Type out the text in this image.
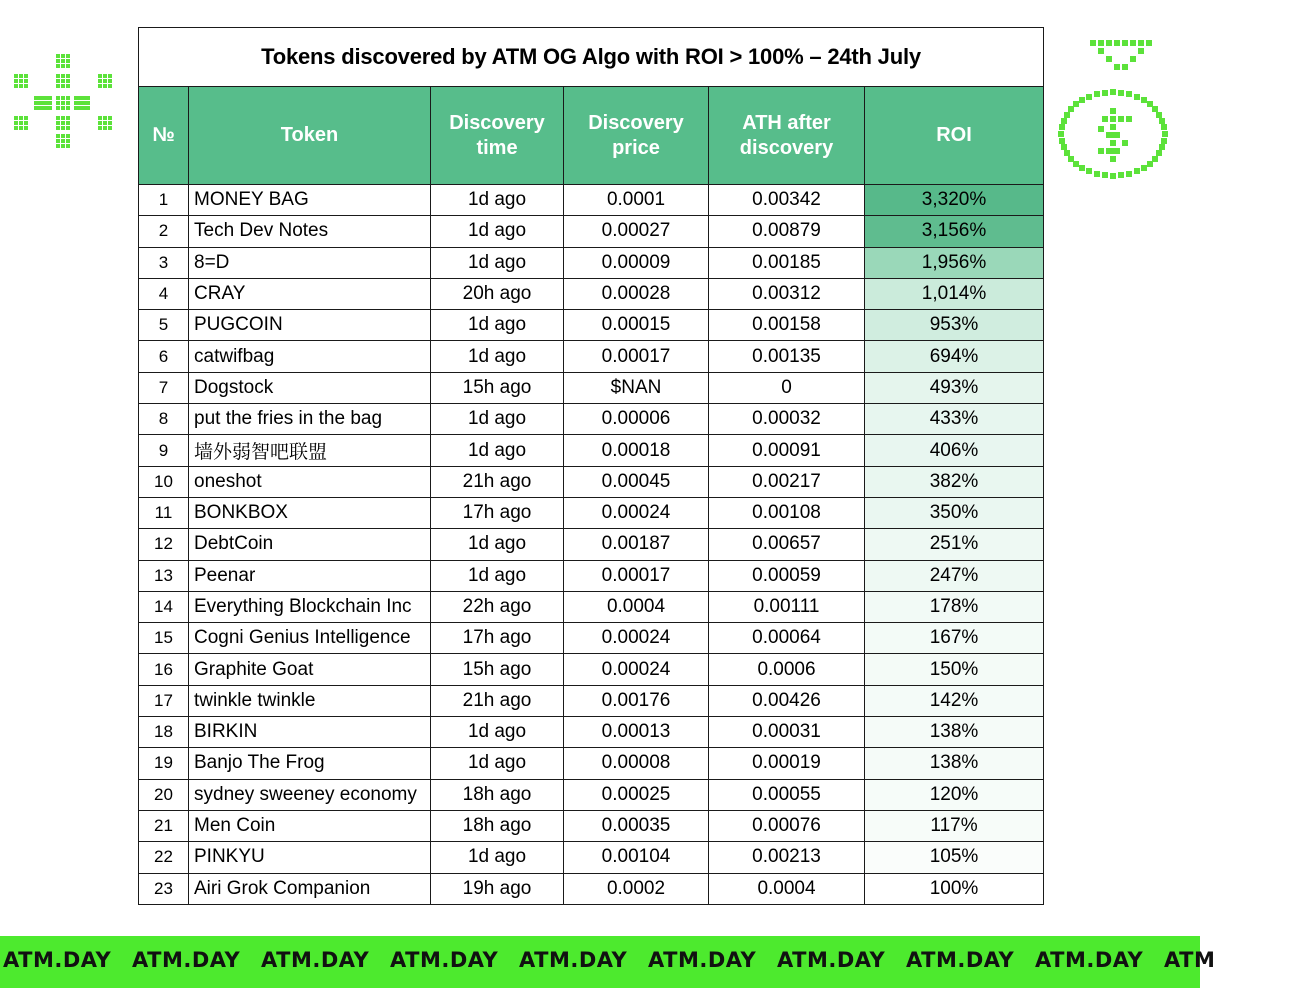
Tokens discovered by ATM OG Algo with ROI > 100% – 24th July					
№	Token	Discovery time	Discovery price	ATH after discovery	ROI
1	MONEY BAG	1d ago	0.0001	0.00342	3,320%
2	Tech Dev Notes	1d ago	0.00027	0.00879	3,156%
3	8=D	1d ago	0.00009	0.00185	1,956%
4	CRAY	20h ago	0.00028	0.00312	1,014%
5	PUGCOIN	1d ago	0.00015	0.00158	953%
6	catwifbag	1d ago	0.00017	0.00135	694%
7	Dogstock	15h ago	$NAN	0	493%
8	put the fries in the bag	1d ago	0.00006	0.00032	433%
9	墙外弱智吧联盟	1d ago	0.00018	0.00091	406%
10	oneshot	21h ago	0.00045	0.00217	382%
11	BONKBOX	17h ago	0.00024	0.00108	350%
12	DebtCoin	1d ago	0.00187	0.00657	251%
13	Peenar	1d ago	0.00017	0.00059	247%
14	Everything Blockchain Inc	22h ago	0.0004	0.00111	178%
15	Cogni Genius Intelligence	17h ago	0.00024	0.00064	167%
16	Graphite Goat	15h ago	0.00024	0.0006	150%
17	twinkle twinkle	21h ago	0.00176	0.00426	142%
18	BIRKIN	1d ago	0.00013	0.00031	138%
19	Banjo The Frog	1d ago	0.00008	0.00019	138%
20	sydney sweeney economy	18h ago	0.00025	0.00055	120%
21	Men Coin	18h ago	0.00035	0.00076	117%
22	PINKYU	1d ago	0.00104	0.00213	105%
23	Airi Grok Companion	19h ago	0.0002	0.0004	100%
ATM.DAY ATM.DAY ATM.DAY ATM.DAY ATM.DAY ATM.DAY ATM.DAY ATM.DAY ATM.DAY ATM
